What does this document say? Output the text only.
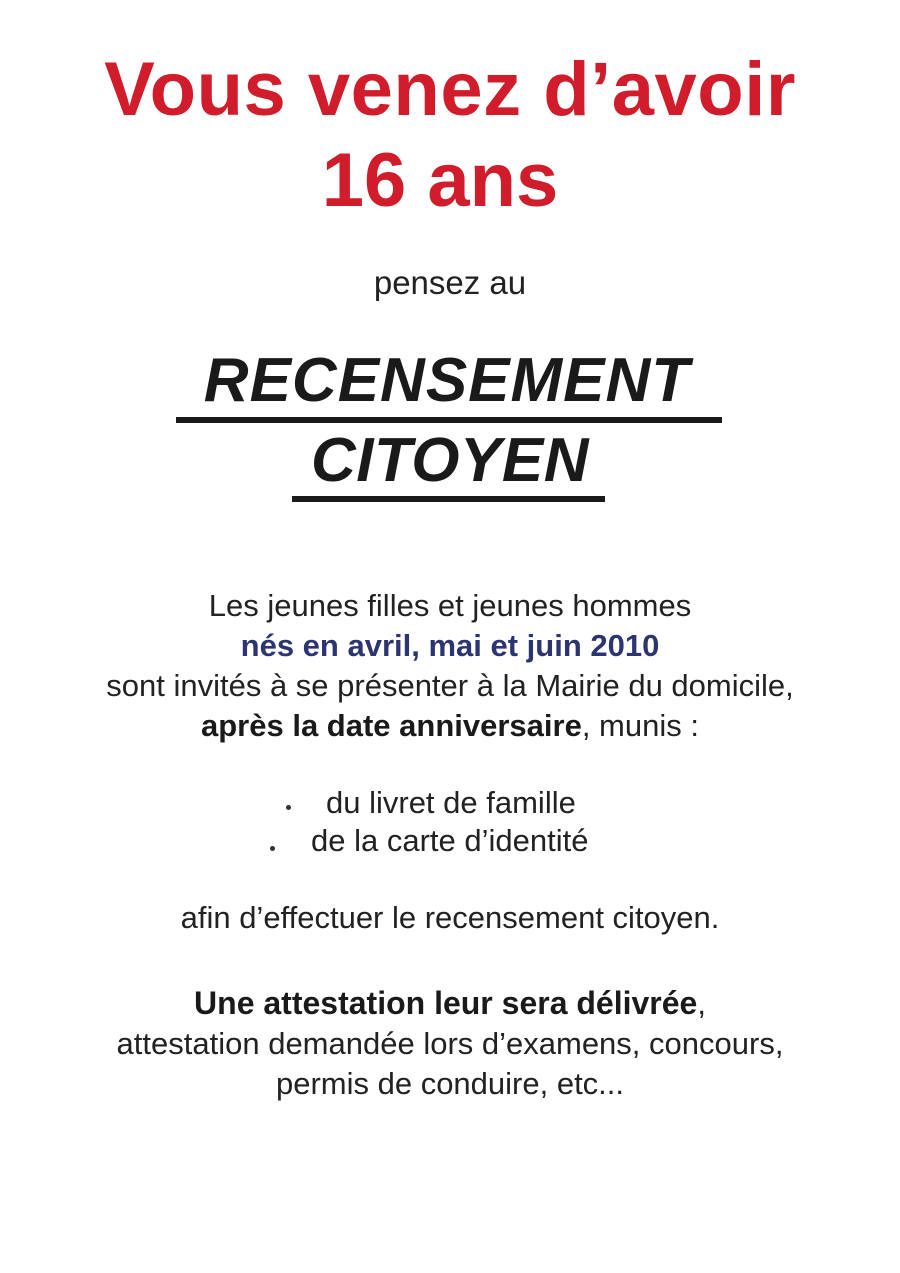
Vous venez d’avoir
16 ans
pensez au
RECENSEMENT
CITOYEN
Les jeunes filles et jeunes hommes
nés en avril, mai et juin 2010
sont invités à se présenter à la Mairie du domicile,
après la date anniversaire, munis :
du livret de famille
de la carte d’identité
afin d’effectuer le recensement citoyen.
Une attestation leur sera délivrée,
attestation demandée lors d’examens, concours,
permis de conduire, etc...
